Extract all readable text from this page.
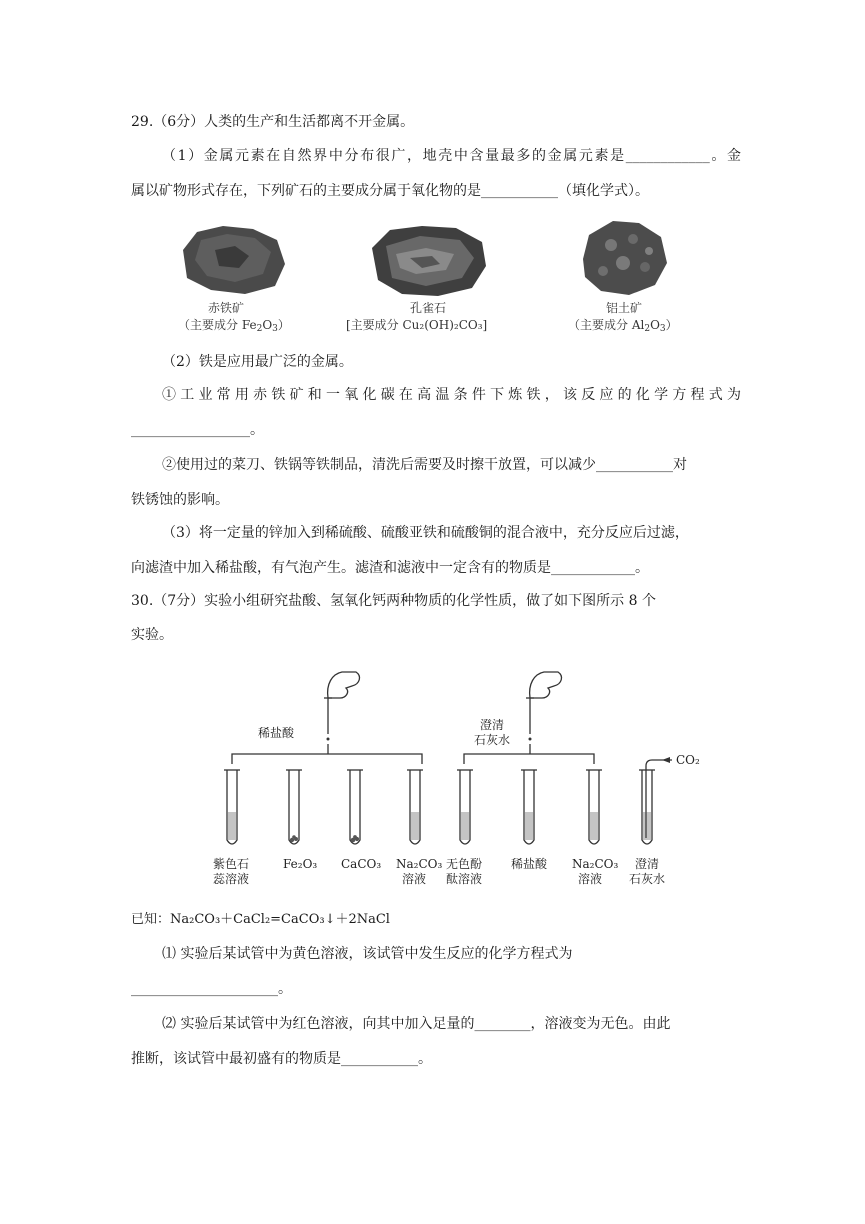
29.（6分）人类的生产和生活都离不开金属。
（1）金属元素在自然界中分布很广，地壳中含量最多的金属元素是____________。金
属以矿物形式存在，下列矿石的主要成分属于氧化物的是___________（填化学式）。
赤铁矿
（主要成分 $Fe_2O_3$）
孔雀石
[主要成分 Cu₂(OH)₂CO₃]
铝土矿
（主要成分 $Al_2O_3$）
（2）铁是应用最广泛的金属。
①工业常用赤铁矿和一氧化碳在高温条件下炼铁，该反应的化学方程式为
_________________。
②使用过的菜刀、铁锅等铁制品，清洗后需要及时擦干放置，可以减少___________对
铁锈蚀的影响。
（3）将一定量的锌加入到稀硫酸、硫酸亚铁和硫酸铜的混合液中，充分反应后过滤，
向滤渣中加入稀盐酸，有气泡产生。滤渣和滤液中一定含有的物质是____________。
30.（7分）实验小组研究盐酸、氢氧化钙两种物质的化学性质，做了如下图所示 8 个
实验。
稀盐酸
澄清
石灰水
CO₂
紫色石
蕊溶液
Fe₂O₃ CaCO₃ Na₂CO₃
溶液
无色酚
酞溶液
稀盐酸 Na₂CO₃
溶液
澄清
石灰水
已知：Na₂CO₃＋CaCl₂=CaCO₃↓＋2NaCl
⑴ 实验后某试管中为黄色溶液，该试管中发生反应的化学方程式为
_____________________。
⑵ 实验后某试管中为红色溶液，向其中加入足量的________，溶液变为无色。由此
推断，该试管中最初盛有的物质是___________。
